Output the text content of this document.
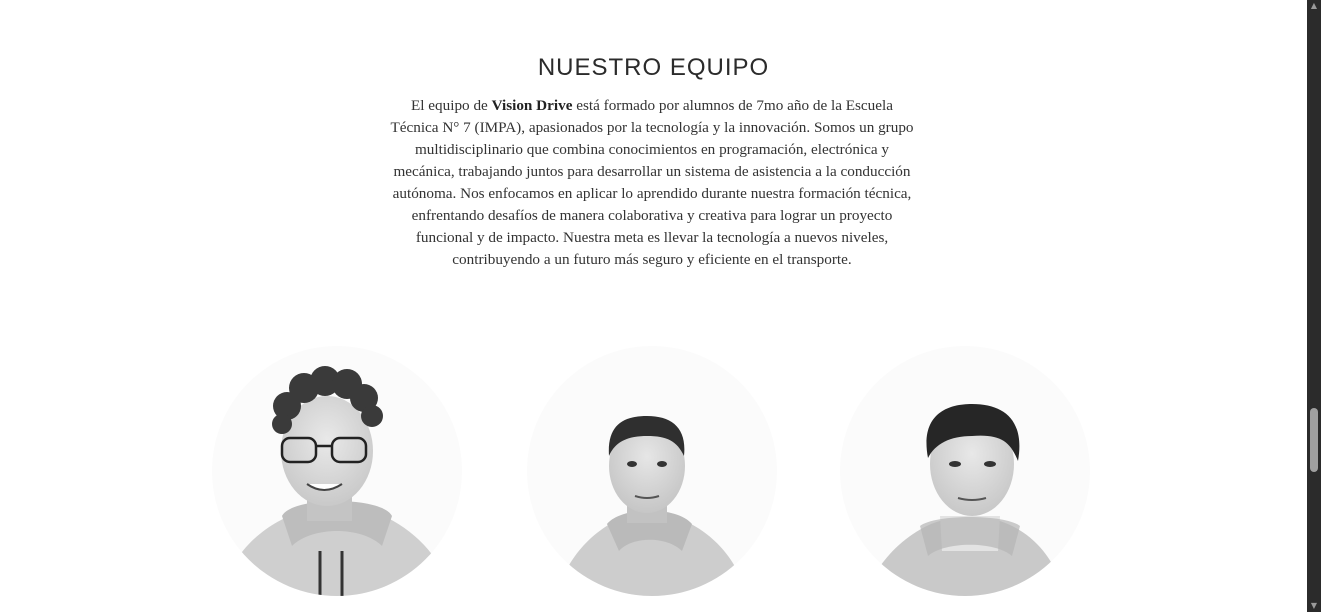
NUESTRO EQUIPO

El equipo de Vision Drive está formado por alumnos de 7mo año de la Escuela Técnica N° 7 (IMPA), apasionados por la tecnología y la innovación. Somos un grupo multidisciplinario que combina conocimientos en programación, electrónica y mecánica, trabajando juntos para desarrollar un sistema de asistencia a la conducción autónoma. Nos enfocamos en aplicar lo aprendido durante nuestra formación técnica, enfrentando desafíos de manera colaborativa y creativa para lograr un proyecto funcional y de impacto. Nuestra meta es llevar la tecnología a nuevos niveles, contribuyendo a un futuro más seguro y eficiente en el transporte.

▲
▼
